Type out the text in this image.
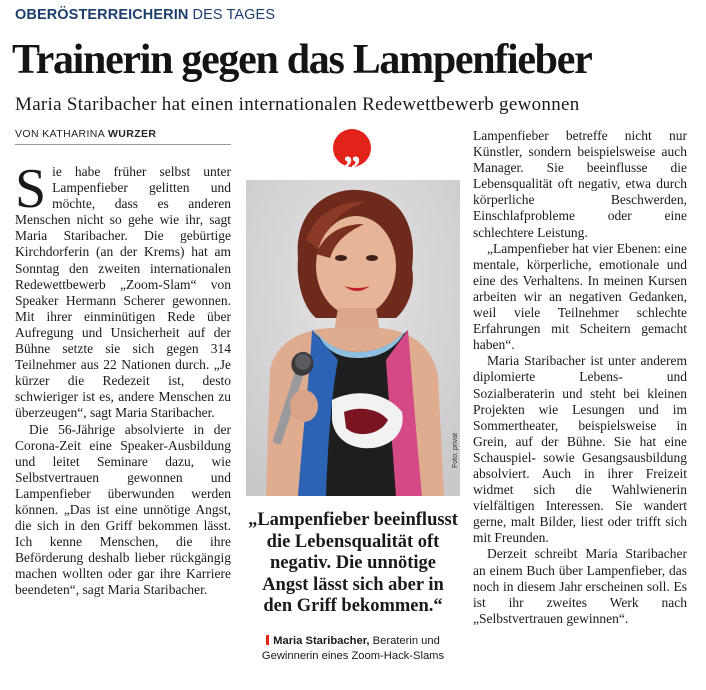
OBERÖSTERREICHERIN DES TAGES
Trainerin gegen das Lampenfieber
Maria Staribacher hat einen internationalen Redewettbewerb gewonnen
VON KATHARINA WURZER

Sie habe früher selbst unter Lampenfieber gelitten und möchte, dass es anderen Menschen nicht so gehe wie ihr, sagt Maria Staribacher. Die gebürtige Kirchdorferin (an der Krems) hat am Sonntag den zweiten internationalen Redewettbewerb „Zoom-Slam“ von Speaker Hermann Scherer gewonnen. Mit ihrer einminütigen Rede über Aufregung und Unsicherheit auf der Bühne setzte sie sich gegen 314 Teilnehmer aus 22 Nationen durch. „Je kürzer die Redezeit ist, desto schwieriger ist es, andere Menschen zu überzeugen“, sagt Maria Staribacher.

Die 56-Jährige absolvierte in der Corona-Zeit eine Speaker-Ausbildung und leitet Seminare dazu, wie Selbstvertrauen gewonnen und Lampenfieber überwunden werden können. „Das ist eine unnötige Angst, die sich in den Griff bekommen lässt. Ich kenne Menschen, die ihre Beförderung deshalb lieber rückgängig machen wollten oder gar ihre Karriere beendeten“, sagt Maria Staribacher.

„
Foto: privat
„Lampenfieber beeinflusst die Lebensqualität oft negativ. Die unnötige Angst lässt sich aber in den Griff bekommen.“
Maria Staribacher, Beraterin und Gewinnerin eines Zoom-Hack-Slams

Lampenfieber betreffe nicht nur Künstler, sondern beispielsweise auch Manager. Sie beeinflusse die Lebensqualität oft negativ, etwa durch körperliche Beschwerden, Einschlafprobleme oder eine schlechtere Leistung.

„Lampenfieber hat vier Ebenen: eine mentale, körperliche, emotionale und eine des Verhaltens. In meinen Kursen arbeiten wir an negativen Gedanken, weil viele Teilnehmer schlechte Erfahrungen mit Scheitern gemacht haben“.

Maria Staribacher ist unter anderem diplomierte Lebens- und Sozialberaterin und steht bei kleinen Projekten wie Lesungen und im Sommertheater, beispielsweise in Grein, auf der Bühne. Sie hat eine Schauspiel- sowie Gesangsausbildung absolviert. Auch in ihrer Freizeit widmet sich die Wahlwienerin vielfältigen Interessen. Sie wandert gerne, malt Bilder, liest oder trifft sich mit Freunden.

Derzeit schreibt Maria Staribacher an einem Buch über Lampenfieber, das noch in diesem Jahr erscheinen soll. Es ist ihr zweites Werk nach „Selbstvertrauen gewinnen“.
